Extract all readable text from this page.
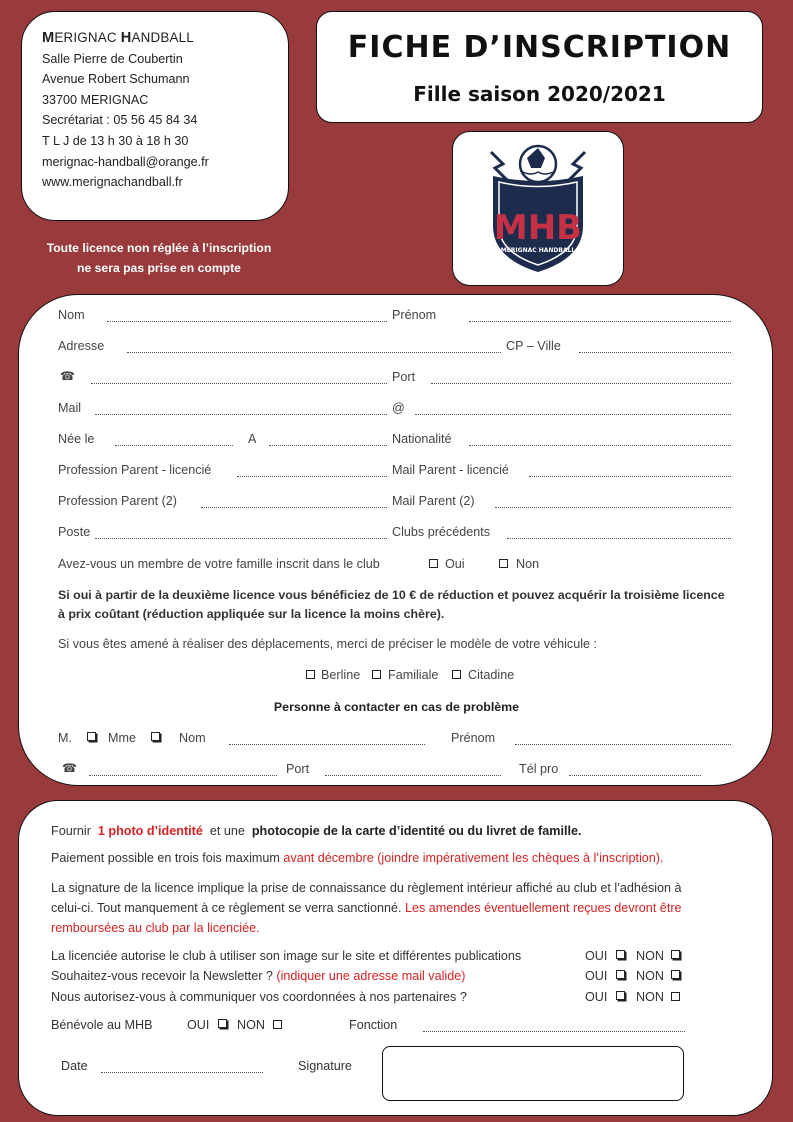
MERIGNAC HANDBALL
Salle Pierre de Coubertin
Avenue Robert Schumann
33700 MERIGNAC
Secrétariat : 05 56 45 84 34
T L J de 13 h 30 à 18 h 30
merignac-handball@orange.fr
www.merignachandball.fr
FICHE D’INSCRIPTION
Fille saison 2020/2021
MHB
MERIGNAC HANDBALL
Toute licence non réglée à l’inscription
ne sera pas prise en compte
Nom	Prénom
Adresse	CP – Ville
☎	Port
Mail	@
Née le	A	Nationalité
Profession Parent - licencié	Mail Parent - licencié
Profession Parent (2)	Mail Parent (2)
Poste	Clubs précédents
Avez-vous un membre de votre famille inscrit dans le club	Oui	Non
Si oui à partir de la deuxième licence vous bénéficiez de 10 € de réduction et pouvez acquérir la troisième licence
à prix coûtant (réduction appliquée sur la licence la moins chère).
Si vous êtes amené à réaliser des déplacements, merci de préciser le modèle de votre véhicule :
Berline Familiale Citadine
Personne à contacter en cas de problème
M.	Mme	Nom	Prénom
☎	Port	Tél pro
Fournir 1 photo d’identité et une photocopie de la carte d’identité ou du livret de famille.
Paiement possible en trois fois maximum avant décembre (joindre impérativement les chèques à l’inscription).
La signature de la licence implique la prise de connaissance du règlement intérieur affiché au club et l’adhésion à
celui-ci. Tout manquement à ce règlement se verra sanctionné. Les amendes éventuellement reçues devront être
remboursées au club par la licenciée.
La licenciée autorise le club à utiliser son image sur le site et différentes publications	OUI NON
Souhaitez-vous recevoir la Newsletter ? (indiquer une adresse mail valide)	OUI NON
Nous autorisez-vous à communiquer vos coordonnées à nos partenaires ?	OUI NON
Bénévole au MHB	OUI NON	Fonction
Date	Signature
